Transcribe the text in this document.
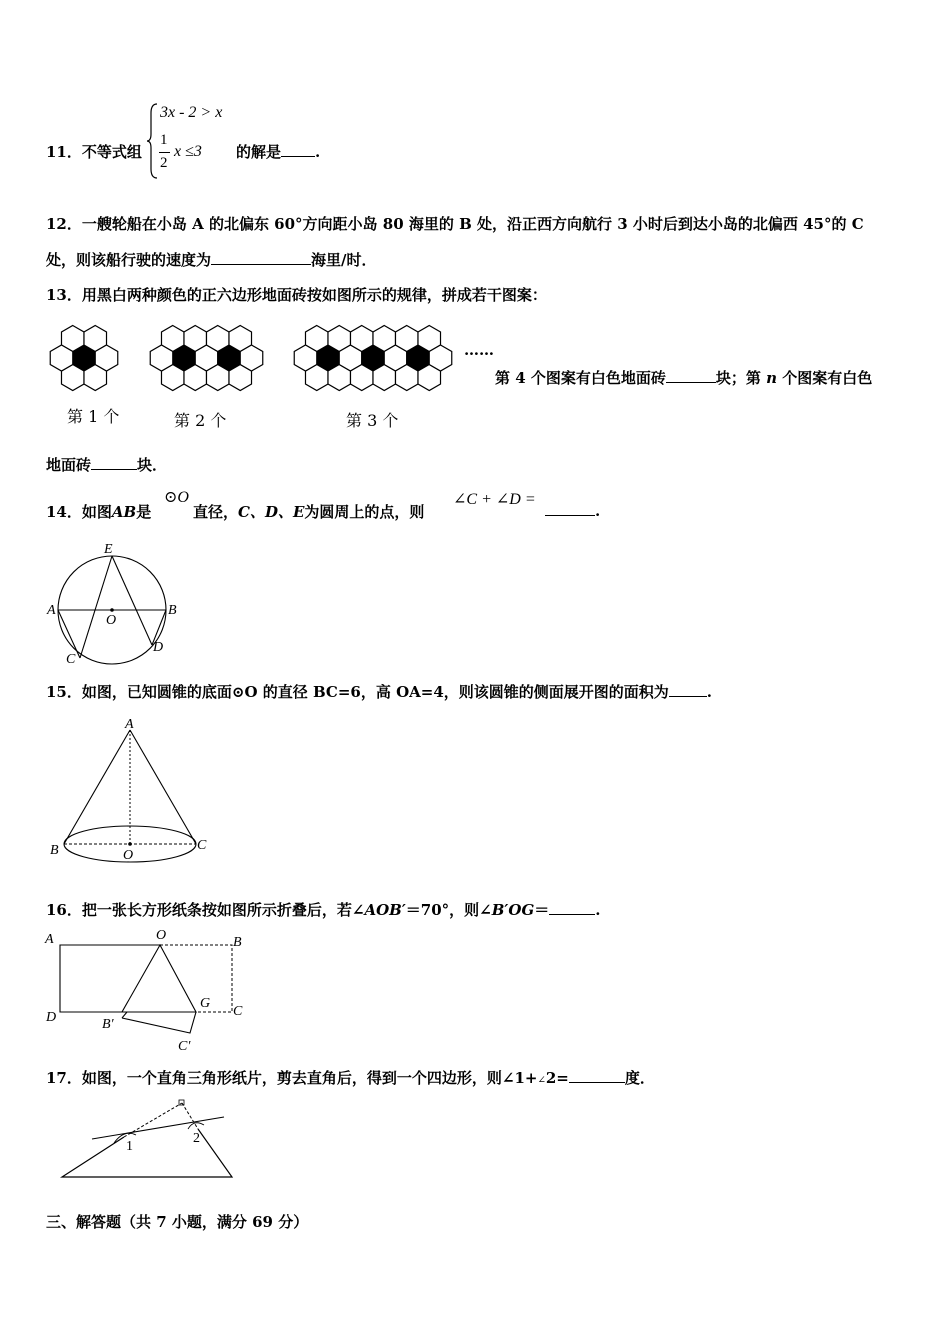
11．不等式组
3x - 2 > x
1
2
x ≤3 的解是 .
12．一艘轮船在小岛 A 的北偏东 60°方向距小岛 80 海里的 B 处，沿正西方向航行 3 小时后到达小岛的北偏西 45°的 C
处，则该船行驶的速度为	海里/时．
13．用黑白两种颜色的正六边形地面砖按如图所示的规律，拼成若干图案：
……
第 1 个	第 2 个	第 3 个
第 4 个图案有白色地面砖	块；第 n 个图案有白色
地面砖	块．
14．如图AB是
⊙O
直径，C、D、E为圆周上的点，则
∠C + ∠D =
.
E
A
O
B
C
D
15．如图，已知圆锥的底面⊙O 的直径 BC=6，高 OA=4，则该圆锥的侧面展开图的面积为	.
A
B	O
C
16．把一张长方形纸条按如图所示折叠后，若∠AOB′＝70°，则∠B′OG＝	.
A	O	B
D	B′
G
C
C′
17．如图，一个直角三角形纸片，剪去直角后，得到一个四边形，则∠1+∠2=	度．
1
2
三、解答题（共 7 小题，满分 69 分）
